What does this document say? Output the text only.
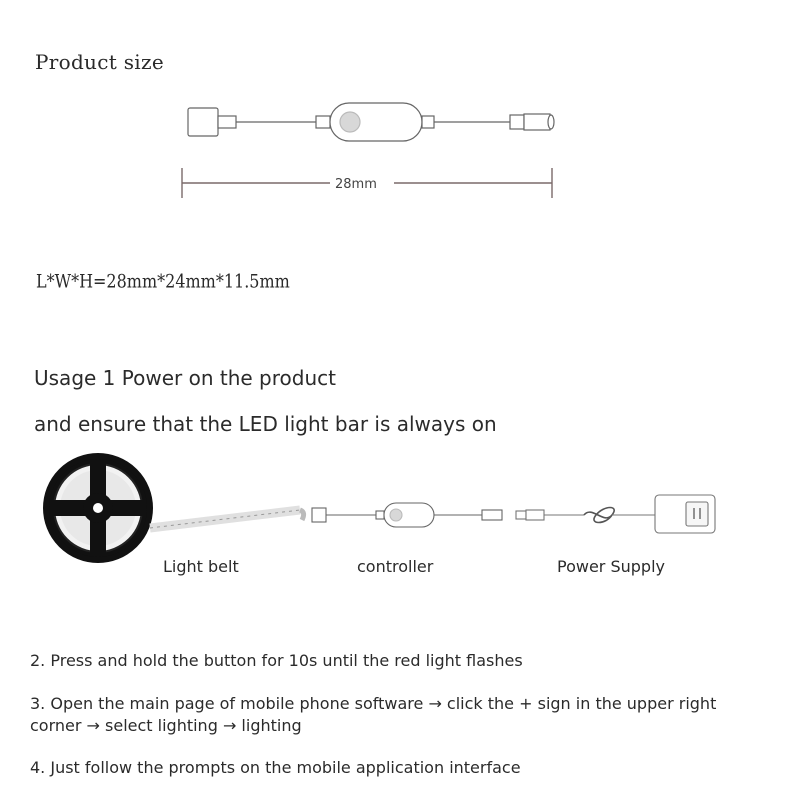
Product size
28mm
L*W*H=28mm*24mm*11.5mm
Usage 1 Power on the product
and ensure that the LED light bar is always on
Light belt	controller	Power Supply
2. Press and hold the button for 10s until the red light flashes
3. Open the main page of mobile phone software → click the + sign in the upper right corner → select lighting → lighting
4. Just follow the prompts on the mobile application interface
